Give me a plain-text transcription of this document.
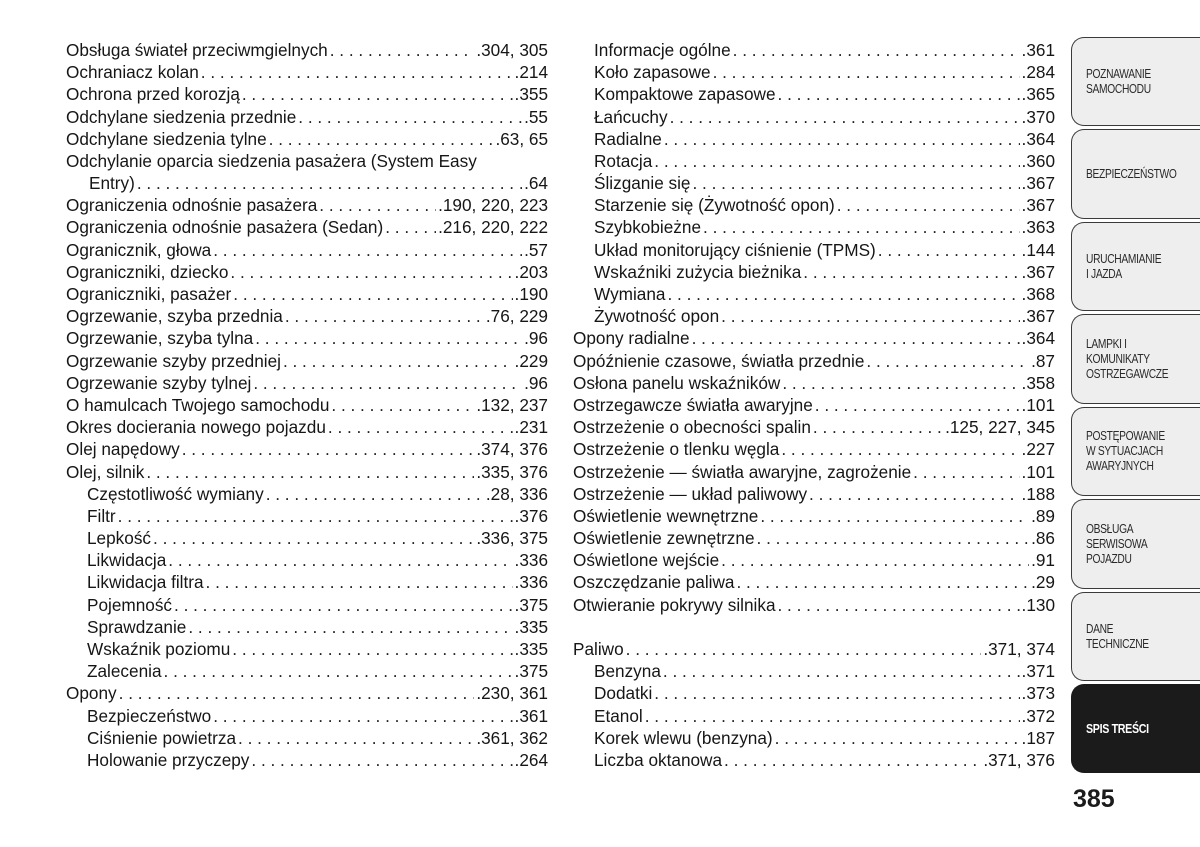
Obsługa świateł przeciwmgielnych . . .	.304, 305
Ochraniacz kolan . . .	.214
Ochrona przed korozją . . .	.355
Odchylane siedzenia przednie . . .	.55
Odchylane siedzenia tylne . . .	.63, 65
Odchylanie oparcia siedzenia pasażera (System Easy
Entry) . . .	.64
Ograniczenia odnośnie pasażera . . .	.190, 220, 223
Ograniczenia odnośnie pasażera (Sedan) . . .	.216, 220, 222
Ogranicznik, głowa . . .	.57
Ograniczniki, dziecko . . .	.203
Ograniczniki, pasażer . . .	.190
Ogrzewanie, szyba przednia . . .	.76, 229
Ogrzewanie, szyba tylna . . .	.96
Ogrzewanie szyby przedniej . . .	.229
Ogrzewanie szyby tylnej . . .	.96
O hamulcach Twojego samochodu . . .	.132, 237
Okres docierania nowego pojazdu . . .	.231
Olej napędowy . . .	.374, 376
Olej, silnik . . .	.335, 376
Częstotliwość wymiany . . .	.28, 336
Filtr . . .	.376
Lepkość . . .	.336, 375
Likwidacja . . .	.336
Likwidacja filtra . . .	.336
Pojemność . . .	.375
Sprawdzanie . . .	.335
Wskaźnik poziomu . . .	.335
Zalecenia . . .	.375
Opony . . .	.230, 361
Bezpieczeństwo . . .	.361
Ciśnienie powietrza . . .	.361, 362
Holowanie przyczepy . . .	.264
Informacje ogólne . . .	.361
Koło zapasowe . . .	.284
Kompaktowe zapasowe . . .	.365
Łańcuchy . . .	.370
Radialne . . .	.364
Rotacja . . .	.360
Ślizganie się . . .	.367
Starzenie się (Żywotność opon) . . .	.367
Szybkobieżne . . .	.363
Układ monitorujący ciśnienie (TPMS) . . .	.144
Wskaźniki zużycia bieżnika . . .	.367
Wymiana . . .	.368
Żywotność opon . . .	.367
Opony radialne . . .	.364
Opóźnienie czasowe, światła przednie . . .	.87
Osłona panelu wskaźników . . .	.358
Ostrzegawcze światła awaryjne . . .	.101
Ostrzeżenie o obecności spalin . . .	.125, 227, 345
Ostrzeżenie o tlenku węgla . . .	.227
Ostrzeżenie — światła awaryjne, zagrożenie . . .	.101
Ostrzeżenie — układ paliwowy . . .	.188
Oświetlenie wewnętrzne . . .	.89
Oświetlenie zewnętrzne . . .	.86
Oświetlone wejście . . .	.91
Oszczędzanie paliwa . . .	.29
Otwieranie pokrywy silnika . . .	.130
Paliwo . . .	.371, 374
Benzyna . . .	.371
Dodatki . . .	.373
Etanol . . .	.372
Korek wlewu (benzyna) . . .	.187
Liczba oktanowa . . .	.371, 376
POZNAWANIE
SAMOCHODU
BEZPIECZEŃSTWO
URUCHAMIANIE
I JAZDA
LAMPKI I
KOMUNIKATY
OSTRZEGAWCZE
POSTĘPOWANIE
W SYTUACJACH
AWARYJNYCH
OBSŁUGA
SERWISOWA
POJAZDU
DANE
TECHNICZNE
SPIS TREŚCI
385
